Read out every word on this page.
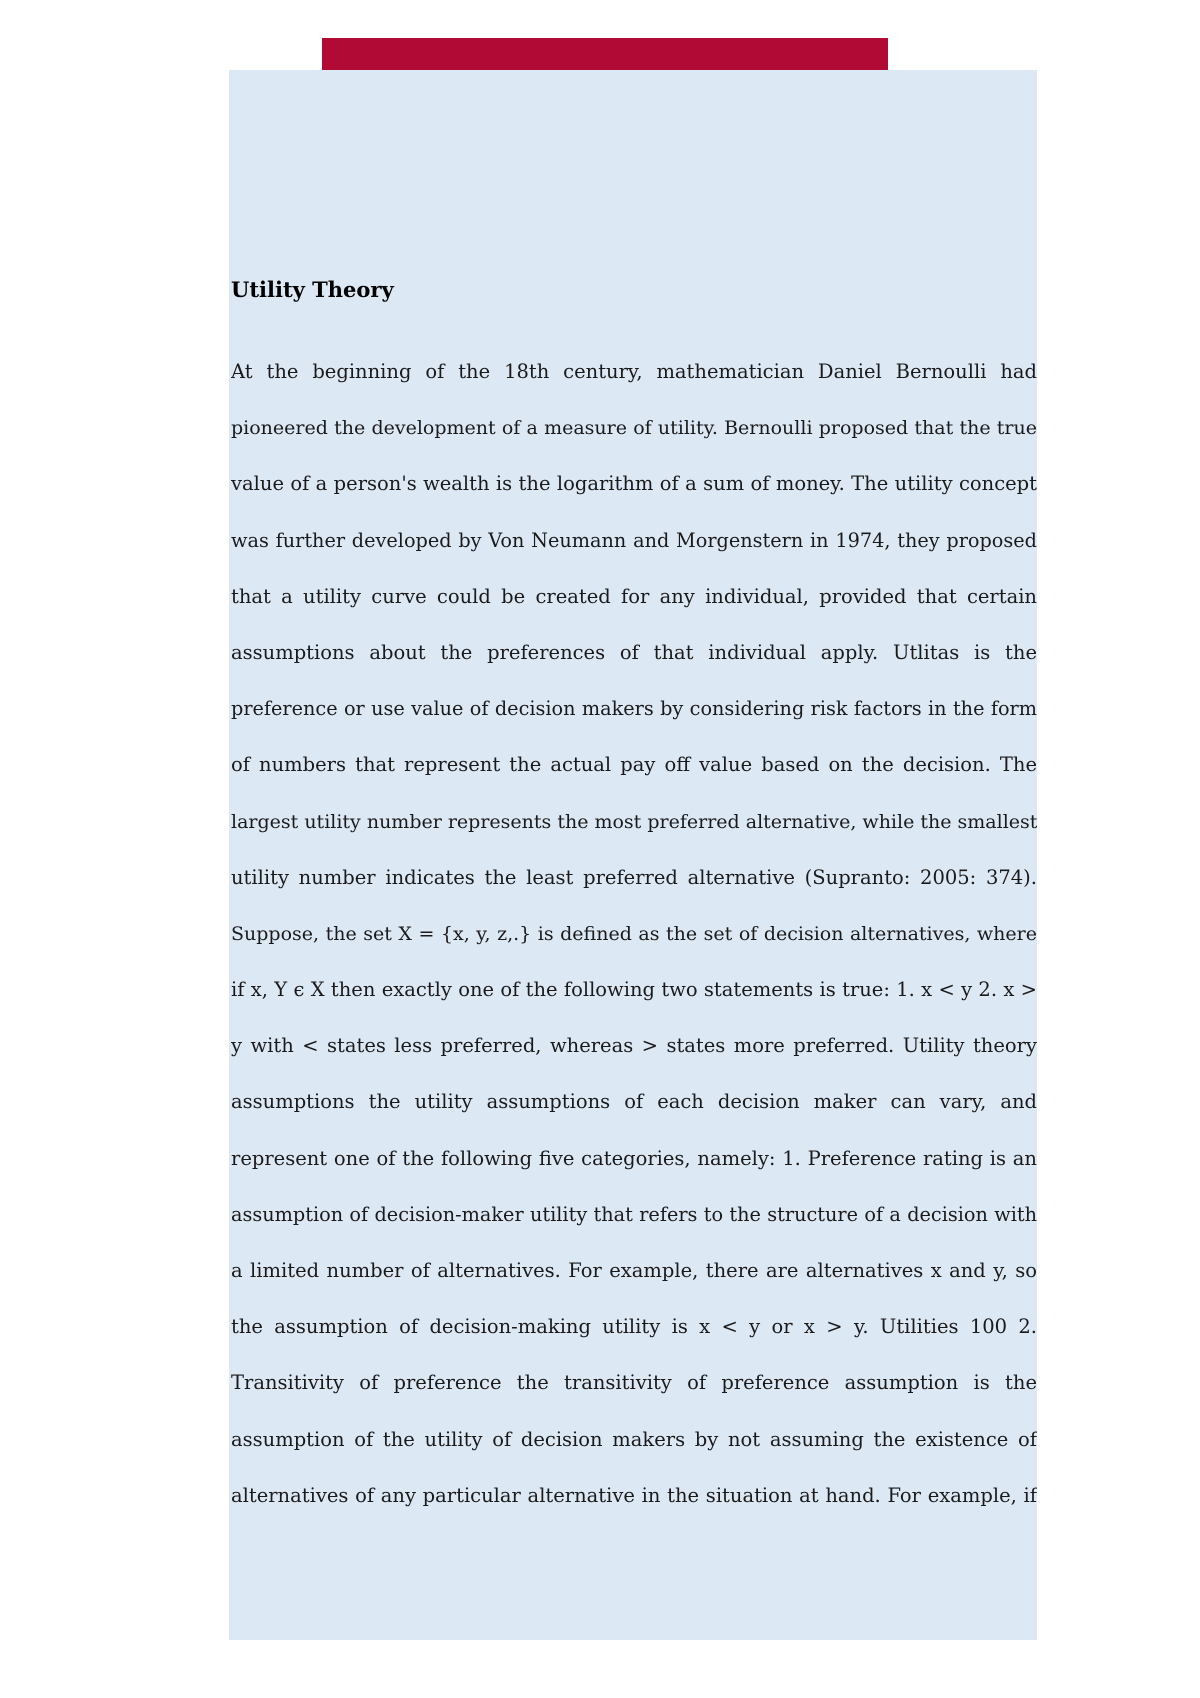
Utility Theory
At the beginning of the 18th century, mathematician Daniel Bernoulli had
pioneered the development of a measure of utility. Bernoulli proposed that the true
value of a person's wealth is the logarithm of a sum of money. The utility concept
was further developed by Von Neumann and Morgenstern in 1974, they proposed
that a utility curve could be created for any individual, provided that certain
assumptions about the preferences of that individual apply. Utlitas is the
preference or use value of decision makers by considering risk factors in the form
of numbers that represent the actual pay off value based on the decision. The
largest utility number represents the most preferred alternative, while the smallest
utility number indicates the least preferred alternative (Supranto: 2005: 374).
Suppose, the set X = {x, y, z,.} is defined as the set of decision alternatives, where
if x, Y є X then exactly one of the following two statements is true: 1. x < y 2. x >
y with < states less preferred, whereas > states more preferred. Utility theory
assumptions the utility assumptions of each decision maker can vary, and
represent one of the following five categories, namely: 1. Preference rating is an
assumption of decision-maker utility that refers to the structure of a decision with
a limited number of alternatives. For example, there are alternatives x and y, so
the assumption of decision-making utility is x < y or x > y. Utilities 100 2.
Transitivity of preference the transitivity of preference assumption is the
assumption of the utility of decision makers by not assuming the existence of
alternatives of any particular alternative in the situation at hand. For example, if
